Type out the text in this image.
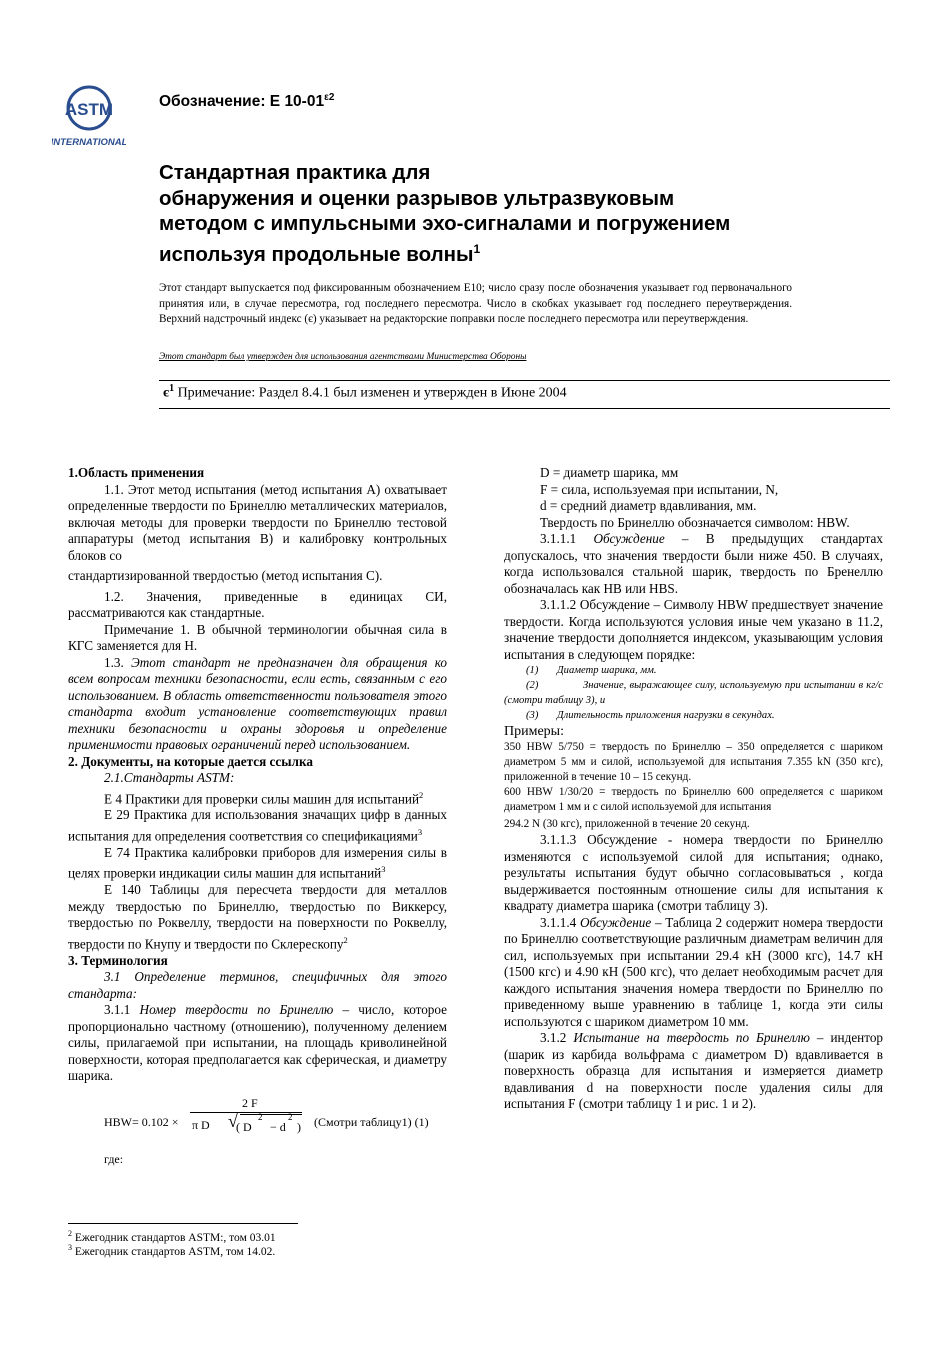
ASTM
INTERNATIONAL
Обозначение: E $10-01^{\varepsilon 2}$
Стандартная практика для
обнаружения и оценки разрывов ультразвуковым
методом с импульсными эхо-сигналами и погружением
используя продольные волны$^1$
Этот стандарт выпускается под фиксированным обозначением E10; число сразу после обозначения указывает год первоначального принятия или, в случае пересмотра, год последнего пересмотра. Число в скобках указывает год последнего переутверждения. Верхний надстрочный индекс (є) указывает на редакторские поправки после последнего пересмотра или переутверждения.
Этот стандарт был утвержден для использования агентствами Министерства Обороны
$є^1$ Примечание: Раздел 8.4.1 был изменен и утвержден в Июне 2004

1.Область применения

1.1. Этот метод испытания (метод испытания А) охватывает определенные твердости по Бринеллю металлических материалов, включая методы для проверки твердости по Бринеллю тестовой аппаратуры (метод испытания В) и калибровку контрольных блоков со

стандартизированной твердостью (метод испытания С).

1.2. Значения, приведенные в единицах СИ, рассматриваются как стандартные.

Примечание 1. В обычной терминологии обычная сила в КГС заменяется для Н.

1.3. Этот стандарт не предназначен для обращения ко всем вопросам техники безопасности, если есть, связанным с его использованием. В область ответственности пользователя этого стандарта входит установление соответствующих правил техники безопасности и охраны здоровья и определение применимости правовых ограничений перед использованием.

2. Документы, на которые дается ссылка

2.1.Стандарты ASTM:

Е 4 Практики для проверки силы машин для испытаний$^2$

Е 29 Практика для использования значащих цифр в данных испытания для определения соответствия со спецификациями$^3$

Е 74 Практика калибровки приборов для измерения силы в целях проверки индикации силы машин для испытаний$^3$

Е 140 Таблицы для пересчета твердости для металлов между твердостью по Бринеллю, твердостью по Виккерсу, твердостью по Роквеллу, твердости на поверхности по Роквеллу, твердости по Кнупу и твердости по Склерескопу$^2$

3. Терминология

3.1 Определение терминов, специфичных для этого стандарта:

3.1.1 Номер твердости по Бринеллю – число, которое пропорционально частному (отношению), полученному делением силы, прилагаемой при испытании, на площадь криволинейной поверхности, которая предполагается как сферическая, и диаметру шарика.

HBW= 0.102 ×
2 F
π D √
( D
2
− d
2
) (Смотри таблицу1) (1)

где:

D = диаметр шарика, мм

F = сила, используемая при испытании, N,

d = средний диаметр вдавливания, мм.

Твердость по Бринеллю обозначается символом: HBW.

3.1.1.1 Обсуждение – В предыдущих стандартах допускалось, что значения твердости были ниже 450. В случаях, когда использовался стальной шарик, твердость по Бренеллю обозначалась как HB или HBS.

3.1.1.2 Обсуждение – Символу HBW предшествует значение твердости. Когда используются условия иные чем указано в 11.2, значение твердости дополняется индексом, указывающим условия испытания в следующем порядке:

(1) Диаметр шарика, мм.

(2)	Значение, выражающее силу, используемую при испытании в кг/с (смотри таблицу 3), и

(3) Длительность приложения нагрузки в секундах.

Примеры:

350 HBW 5/750 = твердость по Бринеллю – 350 определяется с шариком диаметром 5 мм и силой, используемой для испытания 7.355 kN (350 кгс), приложенной в течение 10 – 15 секунд.

600 HBW 1/30/20 = твердость по Бринеллю 600 определяется с шариком диаметром 1 мм и с силой используемой для испытания

294.2 N (30 кгс), приложенной в течение 20 секунд.

3.1.1.3 Обсуждение - номера твердости по Бринеллю изменяются с используемой силой для испытания; однако, результаты испытания будут обычно согласовываться , когда выдерживается постоянным отношение силы для испытания к квадрату диаметра шарика (смотри таблицу 3).

3.1.1.4 Обсуждение – Таблица 2 содержит номера твердости по Бринеллю соответствующие различным диаметрам величин для сил, используемых при испытании 29.4 кН (3000 кгс), 14.7 кН (1500 кгс) и 4.90 кН (500 кгс), что делает необходимым расчет для каждого испытания значения номера твердости по Бринеллю по приведенному выше уравнению в таблице 1, когда эти силы используются с шариком диаметром 10 мм.

3.1.2 Испытание на твердость по Бринеллю – индентор (шарик из карбида вольфрама с диаметром D) вдавливается в поверхность образца для испытания и измеряется диаметр вдавливания d на поверхности после удаления силы для испытания F (смотри таблицу 1 и рис. 1 и 2).

$^2$ Ежегодник стандартов ASTM:, том 03.01
$^3$ Ежегодник стандартов ASTM, том 14.02.
